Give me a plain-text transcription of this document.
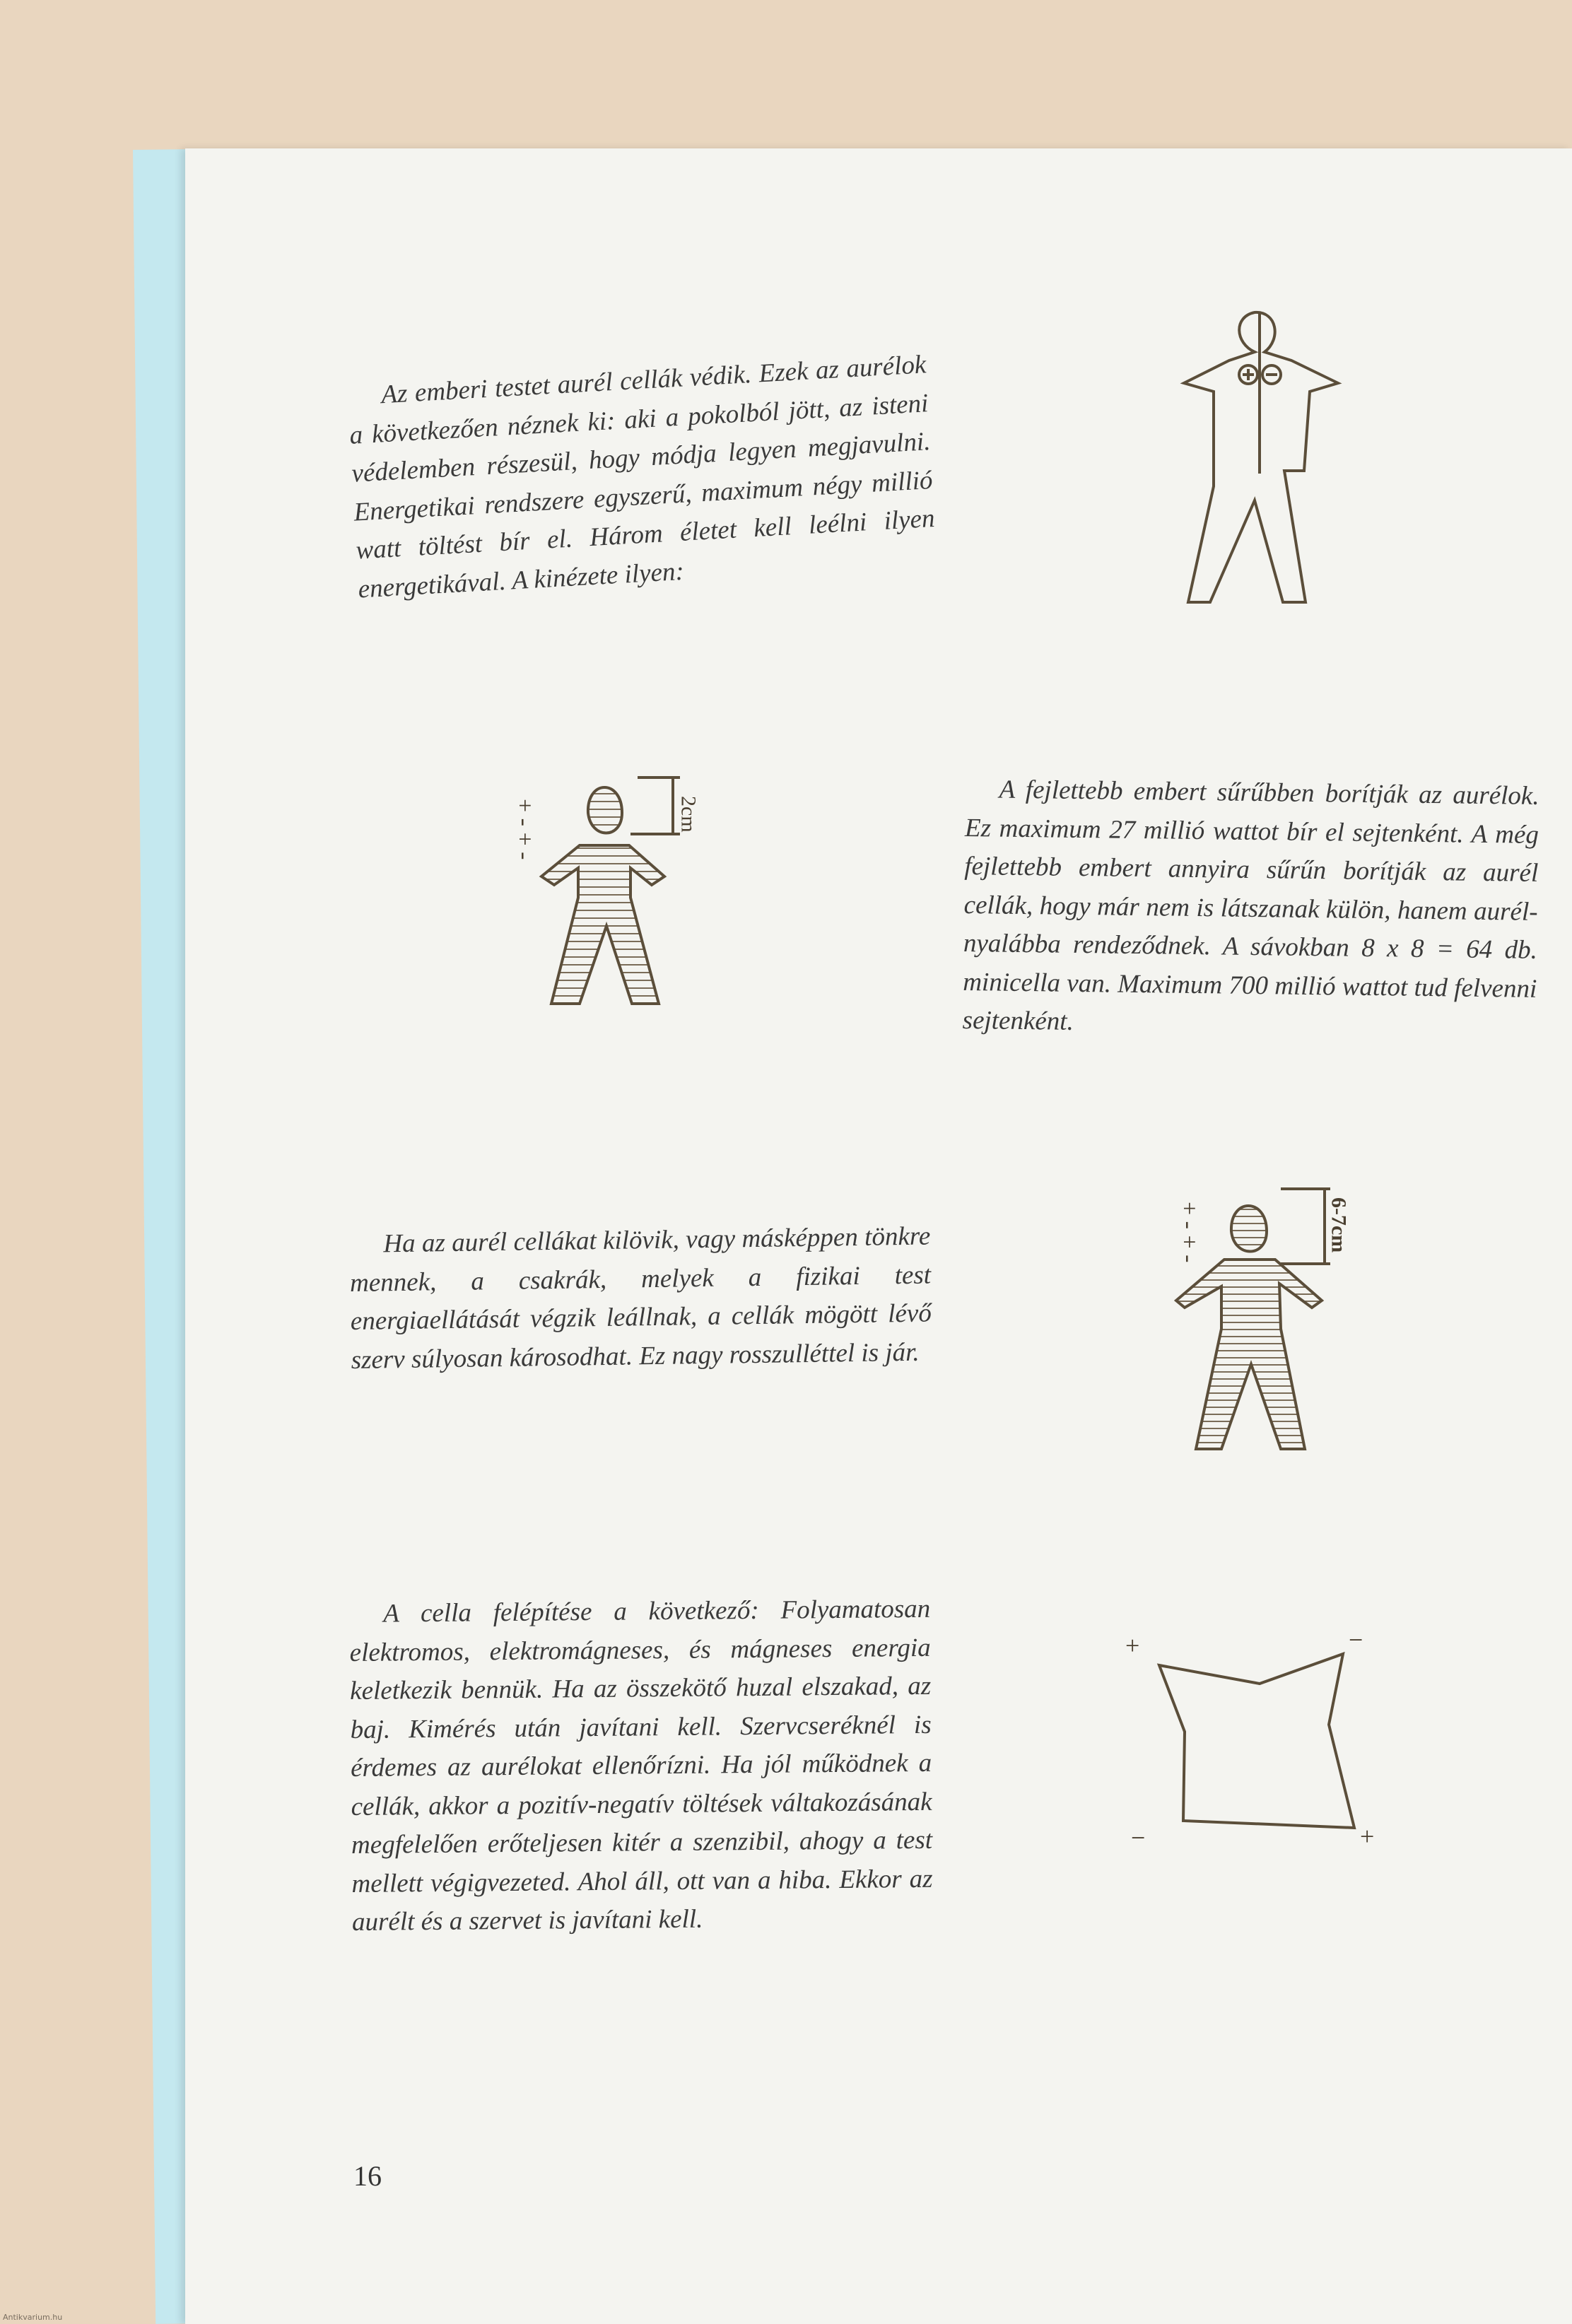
Az emberi testet aurél cellák védik. Ezek az aurélok a következően néznek ki: aki a pokolból jött, az isteni védelemben részesül, hogy módja legyen megjavulni. Energetikai rendszere egyszerű, maximum négy millió watt töltést bír el. Három életet kell leélni ilyen energetikával. A kinézete ilyen:

+ - + -	2cm

A fejlettebb embert sűrűbben borítják az aurélok. Ez maximum 27 millió wattot bír el sejtenként. A még fejlettebb embert annyira sűrűn borítják az aurél cellák, hogy már nem is látszanak külön, hanem aurél-nyalábba rendeződnek. A sávokban 8 x 8 = 64 db. minicella van. Maximum 700 millió wattot tud felvenni sejtenként.

+ - + -	6-7cm

Ha az aurél cellákat kilövik, vagy másképpen tönkre mennek, a csakrák, melyek a fizikai test energiaellátását végzik leállnak, a cellák mögött lévő szerv súlyosan károsodhat. Ez nagy rosszulléttel is jár.

+	−
−	+

A cella felépítése a következő: Folyamatosan elektromos, elektromágneses, és mágneses energia keletkezik bennük. Ha az összekötő huzal elszakad, az baj. Kimérés után javítani kell. Szervcseréknél is érdemes az aurélokat ellenőrízni. Ha jól működnek a cellák, akkor a pozitív-negatív töltések váltakozásának megfelelően erőteljesen kitér a szenzibil, ahogy a test mellett végigvezeted. Ahol áll, ott van a hiba. Ekkor az aurélt és a szervet is javítani kell.

16

Antikvarium.hu
